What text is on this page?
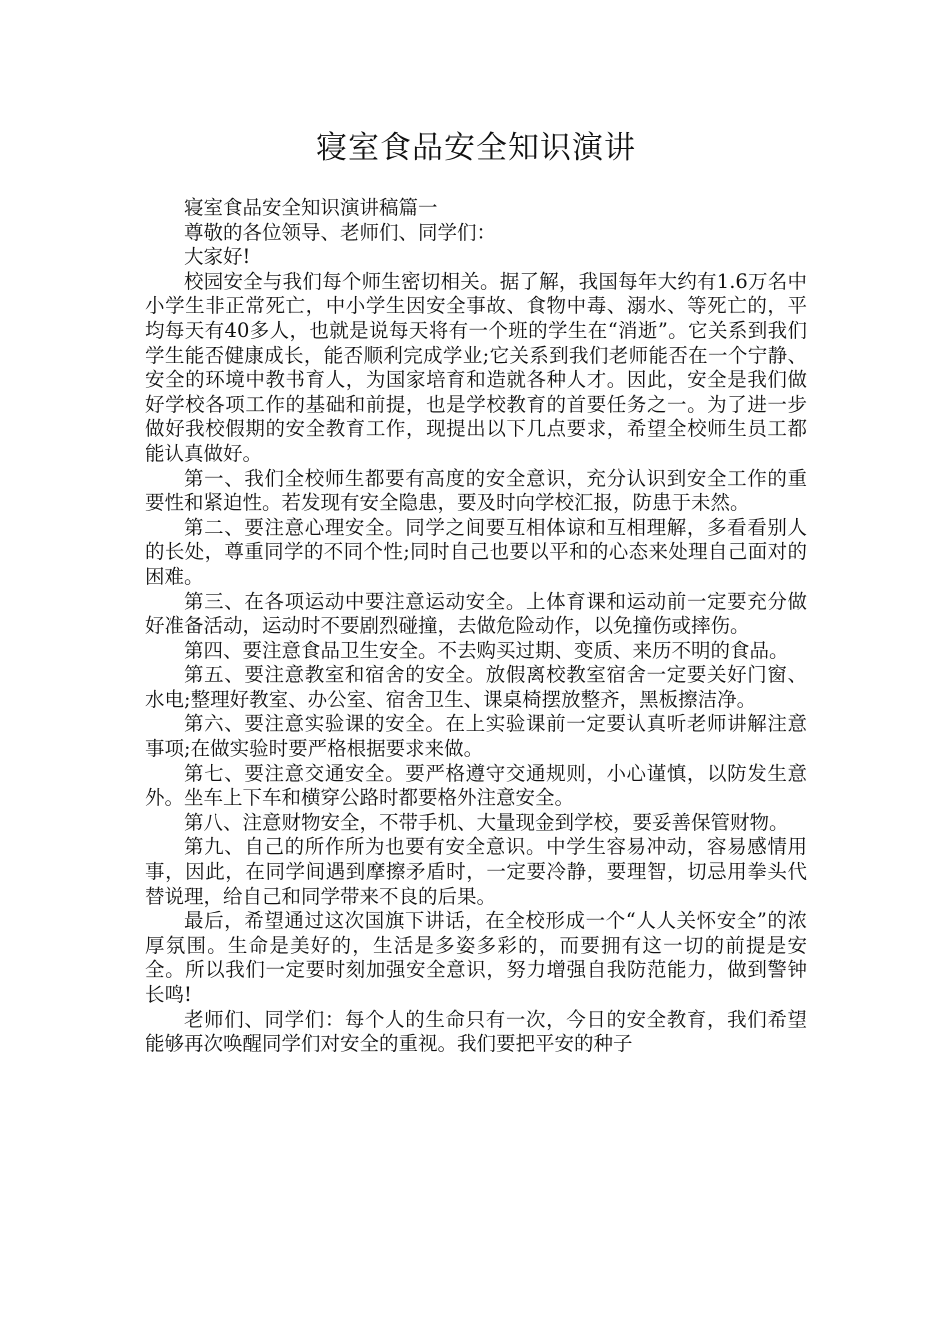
寝室食品安全知识演讲

寝室食品安全知识演讲稿篇一

尊敬的各位领导、老师们、同学们：

大家好!

校园安全与我们每个师生密切相关。据了解，我国每年大约有1.6万名中小学生非正常死亡，中小学生因安全事故、食物中毒、溺水、等死亡的，平均每天有40多人，也就是说每天将有一个班的学生在“消逝”。它关系到我们学生能否健康成长，能否顺利完成学业;它关系到我们老师能否在一个宁静、安全的环境中教书育人，为国家培育和造就各种人才。因此，安全是我们做好学校各项工作的基础和前提，也是学校教育的首要任务之一。为了进一步做好我校假期的安全教育工作，现提出以下几点要求，希望全校师生员工都能认真做好。

第一、我们全校师生都要有高度的安全意识，充分认识到安全工作的重要性和紧迫性。若发现有安全隐患，要及时向学校汇报，防患于未然。

第二、要注意心理安全。同学之间要互相体谅和互相理解，多看看别人的长处，尊重同学的不同个性;同时自己也要以平和的心态来处理自己面对的困难。

第三、在各项运动中要注意运动安全。上体育课和运动前一定要充分做好准备活动，运动时不要剧烈碰撞，去做危险动作，以免撞伤或摔伤。

第四、要注意食品卫生安全。不去购买过期、变质、来历不明的食品。

第五、要注意教室和宿舍的安全。放假离校教室宿舍一定要关好门窗、水电;整理好教室、办公室、宿舍卫生、课桌椅摆放整齐，黑板擦洁净。

第六、要注意实验课的安全。在上实验课前一定要认真听老师讲解注意事项;在做实验时要严格根据要求来做。

第七、要注意交通安全。要严格遵守交通规则，小心谨慎，以防发生意外。坐车上下车和横穿公路时都要格外注意安全。

第八、注意财物安全，不带手机、大量现金到学校，要妥善保管财物。

第九、自己的所作所为也要有安全意识。中学生容易冲动，容易感情用事，因此，在同学间遇到摩擦矛盾时，一定要冷静，要理智，切忌用拳头代替说理，给自己和同学带来不良的后果。

最后，希望通过这次国旗下讲话，在全校形成一个“人人关怀安全”的浓厚氛围。生命是美好的，生活是多姿多彩的，而要拥有这一切的前提是安全。所以我们一定要时刻加强安全意识，努力增强自我防范能力，做到警钟长鸣!

老师们、同学们：每个人的生命只有一次，今日的安全教育，我们希望能够再次唤醒同学们对安全的重视。我们要把平安的种子
